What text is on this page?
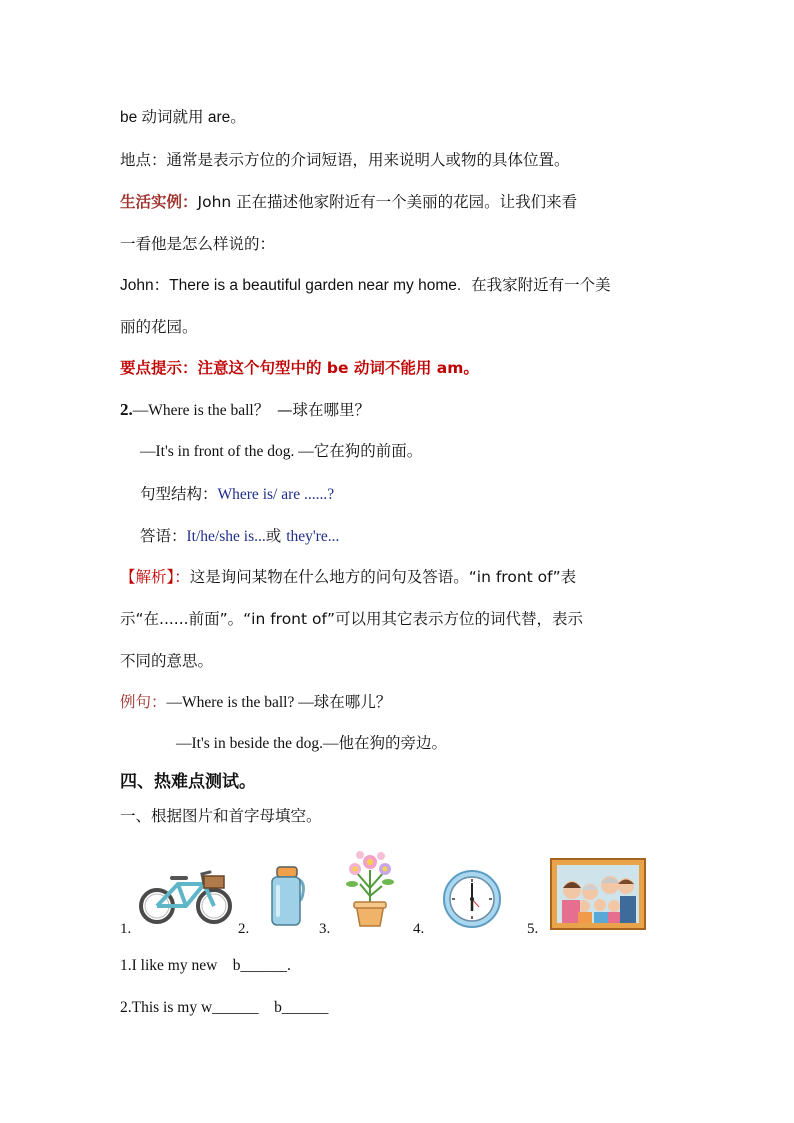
be 动词就用 are。
地点：通常是表示方位的介词短语，用来说明人或物的具体位置。
生活实例：John 正在描述他家附近有一个美丽的花园。让我们来看
一看他是怎么样说的：
John：There is a beautiful garden near my home. 在我家附近有一个美
丽的花园。
要点提示：注意这个句型中的 be 动词不能用 am。
2.—Where is the ball？ —球在哪里？
—It's in front of the dog. —它在狗的前面。
句型结构：Where is/ are ......?
答语：It/he/she is...或 they're...
【解析】：这是询问某物在什么地方的问句及答语。“in front of”表
示“在......前面”。“in front of”可以用其它表示方位的词代替，表示
不同的意思。
例句：—Where is the ball? —球在哪儿？
—It's in beside the dog.—他在狗的旁边。
四、热难点测试。
一、根据图片和首字母填空。
1.	2.	3.	4.	5.
1.I like my new    b______.
2.This is my w______    b______
